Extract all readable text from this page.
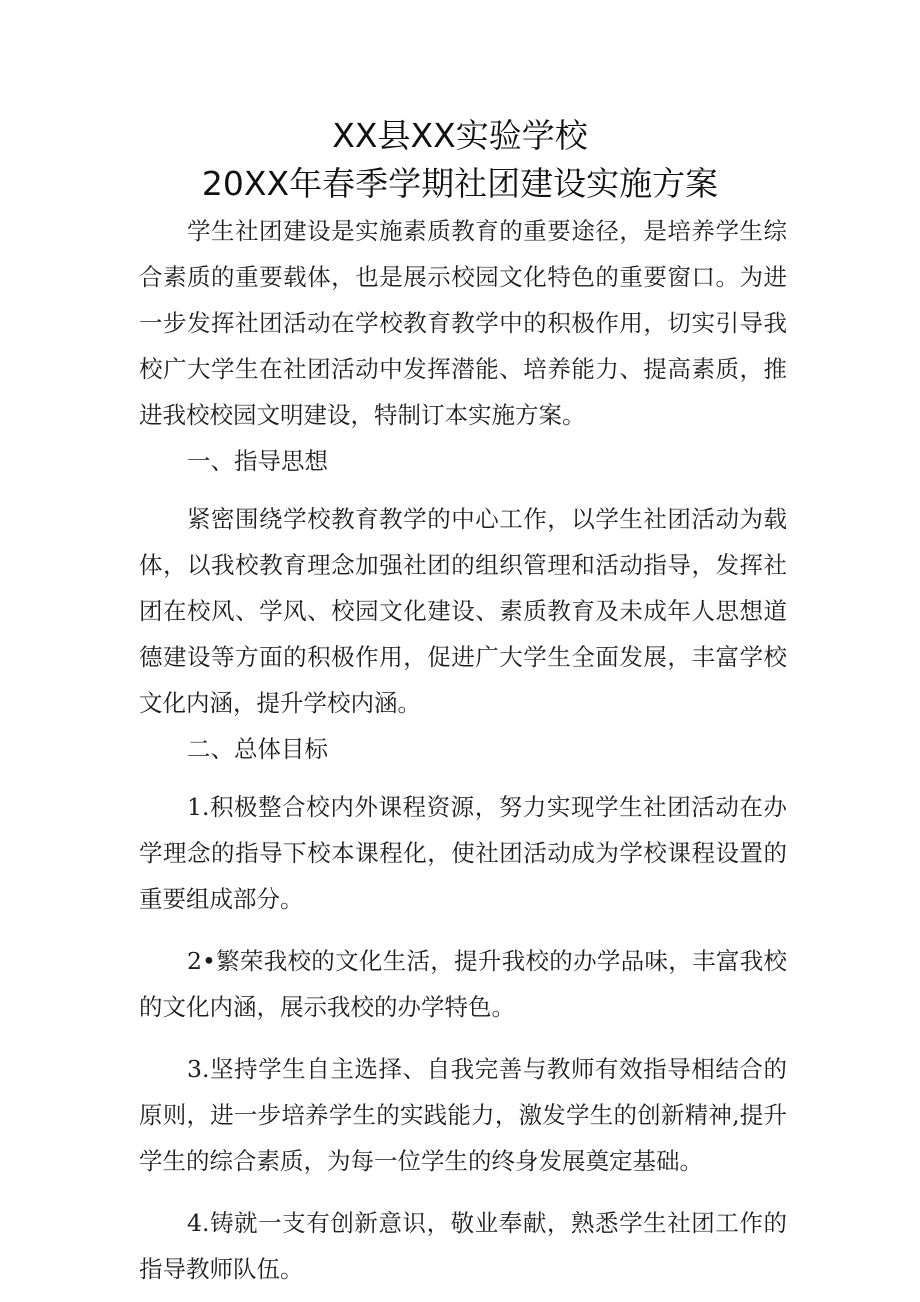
XX县XX实验学校
20XX年春季学期社团建设实施方案

学生社团建设是实施素质教育的重要途径，是培养学生综合素质的重要载体，也是展示校园文化特色的重要窗口。为进一步发挥社团活动在学校教育教学中的积极作用，切实引导我校广大学生在社团活动中发挥潜能、培养能力、提高素质，推进我校校园文明建设，特制订本实施方案。

一、指导思想

紧密围绕学校教育教学的中心工作，以学生社团活动为载体，以我校教育理念加强社团的组织管理和活动指导，发挥社团在校风、学风、校园文化建设、素质教育及未成年人思想道德建设等方面的积极作用，促进广大学生全面发展，丰富学校文化内涵，提升学校内涵。

二、总体目标

1.积极整合校内外课程资源，努力实现学生社团活动在办学理念的指导下校本课程化，使社团活动成为学校课程设置的重要组成部分。

2•繁荣我校的文化生活，提升我校的办学品味，丰富我校的文化内涵，展示我校的办学特色。

3.坚持学生自主选择、自我完善与教师有效指导相结合的原则，进一步培养学生的实践能力，激发学生的创新精神,提升学生的综合素质，为每一位学生的终身发展奠定基础。

4.铸就一支有创新意识，敬业奉献，熟悉学生社团工作的指导教师队伍。
